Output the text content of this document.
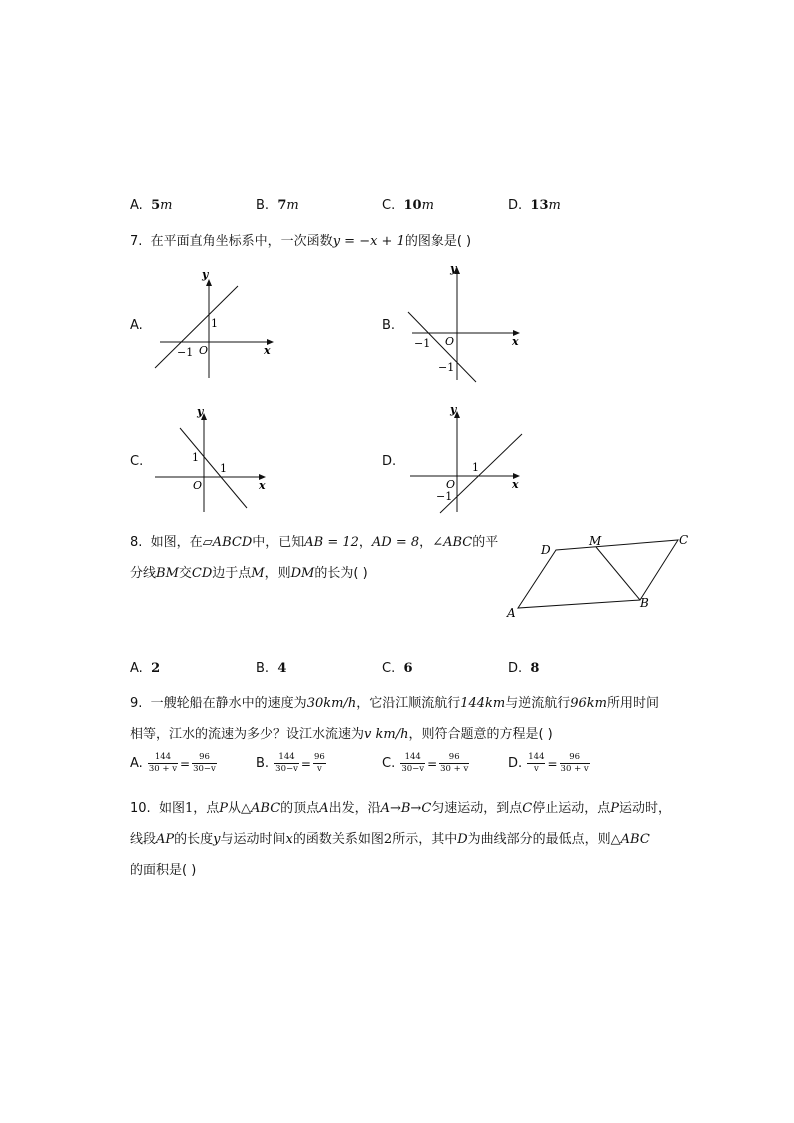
A. 5m	B. 7m	C. 10m	D. 13m
7. 在平面直角坐标系中，一次函数y = −x + 1的图象是( )
A.
y
x
O
1
−1
B.
y
x
O
−1
−1
C.
y
x
O
1
1	D.
y
x
O
1
−1
8. 如图，在▱ABCD中，已知AB = 12，AD = 8，∠ABC的平
分线BM交CD边于点M，则DM的长为( )
A
B
C
D
M
A. 2	B. 4	C. 6	D. 8
9. 一艘轮船在静水中的速度为30km/h，它沿江顺流航行144km与逆流航行96km所用时间
相等，江水的流速为多少？设江水流速为v km/h，则符合题意的方程是( )
A. $\frac{144}{30 + v} = \frac{96}{30-v}$	B. $\frac{144}{30-v} = \frac{96}{v}$	C. $\frac{144}{30-v} = \frac{96}{30 + v}$	D. $\frac{144}{v} = \frac{96}{30 + v}$
10. 如图1，点P从△ABC的顶点A出发，沿A→B→C匀速运动，到点C停止运动，点P运动时，
线段AP的长度y与运动时间x的函数关系如图2所示，其中D为曲线部分的最低点，则△ABC
的面积是( )
